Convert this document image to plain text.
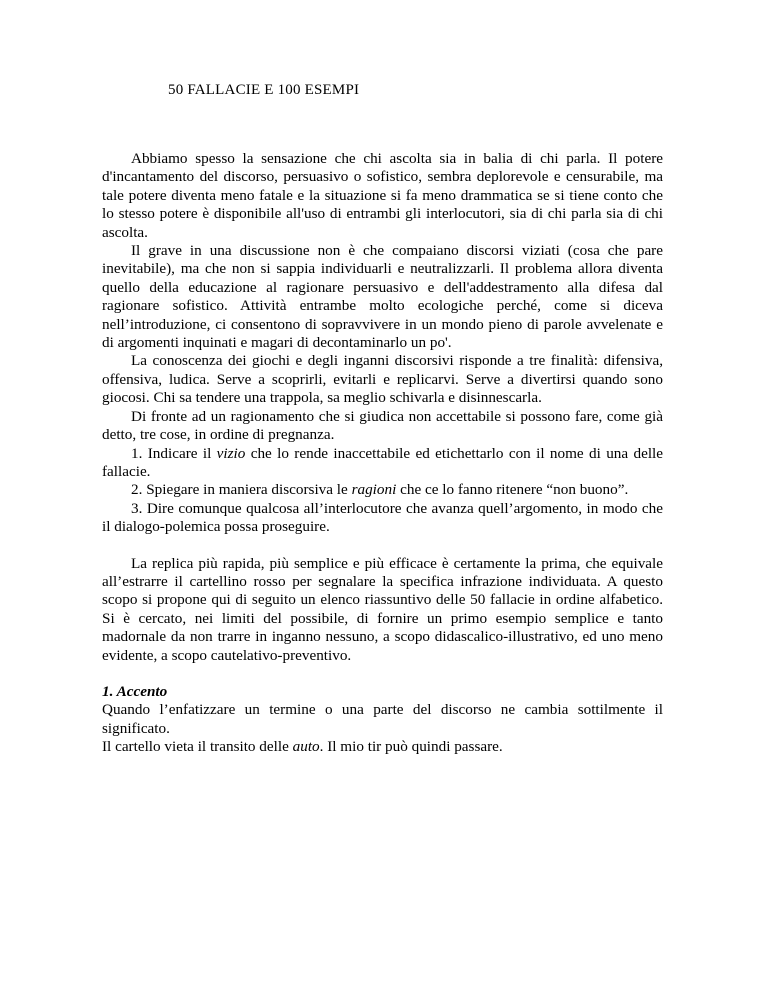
50 FALLACIE E 100 ESEMPI

Abbiamo spesso la sensazione che chi ascolta sia in balia di chi parla. Il potere d'incantamento del discorso, persuasivo o sofistico, sembra deplorevole e censurabile, ma tale potere diventa meno fatale e la situazione si fa meno drammatica se si tiene conto che lo stesso potere è disponibile all'uso di entrambi gli interlocutori, sia di chi parla sia di chi ascolta.

Il grave in una discussione non è che compaiano discorsi viziati (cosa che pare inevitabile), ma che non si sappia individuarli e neutralizzarli. Il problema allora diventa quello della educazione al ragionare persuasivo e dell'addestramento alla difesa dal ragionare sofistico. Attività entrambe molto ecologiche perché, come si diceva nell’introduzione, ci consentono di sopravvivere in un mondo pieno di parole avvelenate e di argomenti inquinati e magari di decontaminarlo un po'.

La conoscenza dei giochi e degli inganni discorsivi risponde a tre finalità: difensiva, offensiva, ludica. Serve a scoprirli, evitarli e replicarvi. Serve a divertirsi quando sono giocosi. Chi sa tendere una trappola, sa meglio schivarla e disinnescarla.

Di fronte ad un ragionamento che si giudica non accettabile si possono fare, come già detto, tre cose, in ordine di pregnanza.

1. Indicare il vizio che lo rende inaccettabile ed etichettarlo con il nome di una delle fallacie.

2. Spiegare in maniera discorsiva le ragioni che ce lo fanno ritenere “non buono”.

3. Dire comunque qualcosa all’interlocutore che avanza quell’argomento, in modo che il dialogo-polemica possa proseguire.

La replica più rapida, più semplice e più efficace è certamente la prima, che equivale all’estrarre il cartellino rosso per segnalare la specifica infrazione individuata. A questo scopo si propone qui di seguito un elenco riassuntivo delle 50 fallacie in ordine alfabetico. Si è cercato, nei limiti del possibile, di fornire un primo esempio semplice e tanto madornale da non trarre in inganno nessuno, a scopo didascalico-illustrativo, ed uno meno evidente, a scopo cautelativo-preventivo.

1. Accento

Quando l’enfatizzare un termine o una parte del discorso ne cambia sottilmente il significato.

Il cartello vieta il transito delle auto. Il mio tir può quindi passare.
